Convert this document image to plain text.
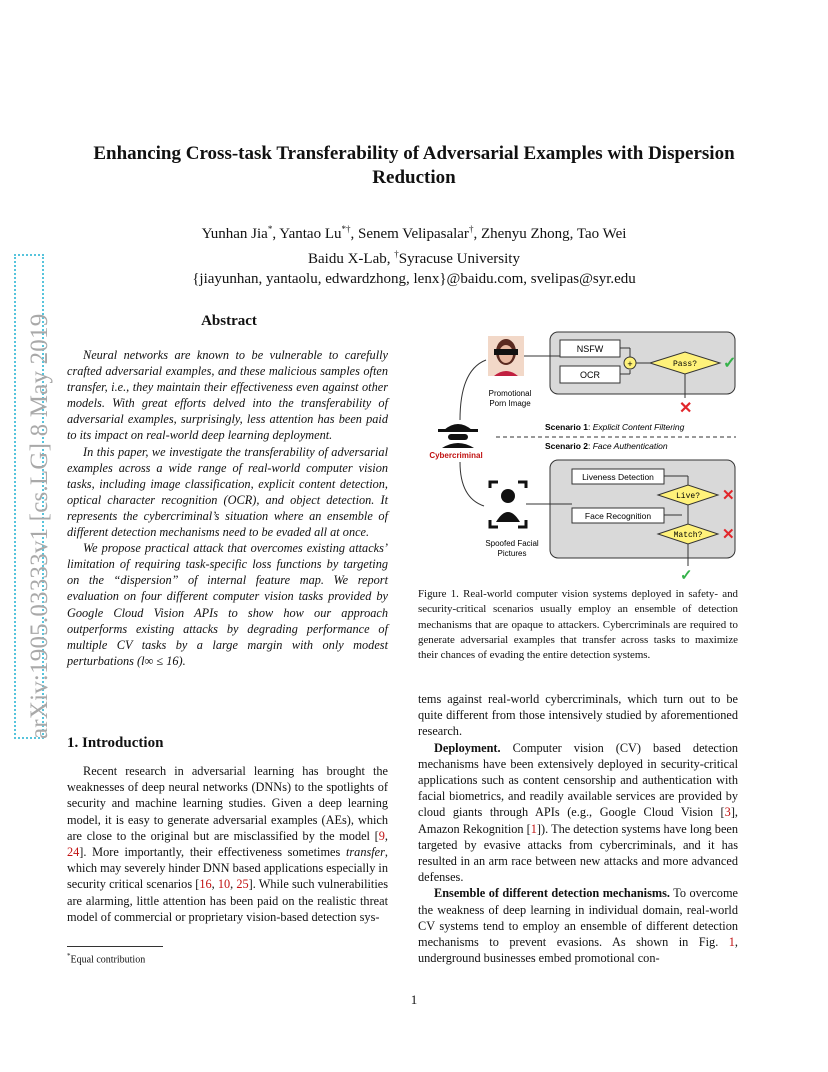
arXiv:1905.03333v1 [cs.LG] 8 May 2019
Enhancing Cross-task Transferability of Adversarial Examples with Dispersion
Reduction
Yunhan Jia*, Yantao Lu*†, Senem Velipasalar†, Zhenyu Zhong, Tao Wei
Baidu X-Lab, †Syracuse University
{jiayunhan, yantaolu, edwardzhong, lenx}@baidu.com, svelipas@syr.edu
Abstract

Neural networks are known to be vulnerable to carefully crafted adversarial examples, and these malicious samples often transfer, i.e., they maintain their effectiveness even against other models. With great efforts delved into the transferability of adversarial examples, surprisingly, less attention has been paid to its impact on real-world deep learning deployment.

In this paper, we investigate the transferability of adversarial examples across a wide range of real-world computer vision tasks, including image classification, explicit content detection, optical character recognition (OCR), and object detection. It represents the cybercriminal’s situation where an ensemble of different detection mechanisms need to be evaded all at once.

We propose practical attack that overcomes existing attacks’ limitation of requiring task-specific loss functions by targeting on the “dispersion” of internal feature map. We report evaluation on four different computer vision tasks provided by Google Cloud Vision APIs to show how our approach outperforms existing attacks by degrading performance of multiple CV tasks by a large margin with only modest perturbations (l∞ ≤ 16).

1. Introduction

Recent research in adversarial learning has brought the weaknesses of deep neural networks (DNNs) to the spotlights of security and machine learning studies. Given a deep learning model, it is easy to generate adversarial examples (AEs), which are close to the original but are misclassified by the model [9, 24]. More importantly, their effectiveness sometimes transfer, which may severely hinder DNN based applications especially in security critical scenarios [16, 10, 25]. While such vulnerabilities are alarming, little attention has been paid on the realistic threat model of commercial or proprietary vision-based detection sys-

*Equal contribution
NSFW
OCR
+	Pass? ✓
✕
Promotional
Porn Image
Cybercriminal
Scenario 1: Explicit Content Filtering
Scenario 2: Face Authentication
Liveness Detection
Face Recognition
Live? ✕
Match? ✕
✓
Spoofed Facial
Pictures
Figure 1. Real-world computer vision systems deployed in safety- and security-critical scenarios usually employ an ensemble of detection mechanisms that are opaque to attackers. Cybercriminals are required to generate adversarial examples that transfer across tasks to maximize their chances of evading the entire detection systems.

tems against real-world cybercriminals, which turn out to be quite different from those intensively studied by aforementioned research.

Deployment. Computer vision (CV) based detection mechanisms have been extensively deployed in security-critical applications such as content censorship and authentication with facial biometrics, and readily available services are provided by cloud giants through APIs (e.g., Google Cloud Vision [3], Amazon Rekognition [1]). The detection systems have long been targeted by evasive attacks from cybercriminals, and it has resulted in an arm race between new attacks and more advanced defenses.

Ensemble of different detection mechanisms. To overcome the weakness of deep learning in individual domain, real-world CV systems tend to employ an ensemble of different detection mechanisms to prevent evasions. As shown in Fig. 1, underground businesses embed promotional con-

1
